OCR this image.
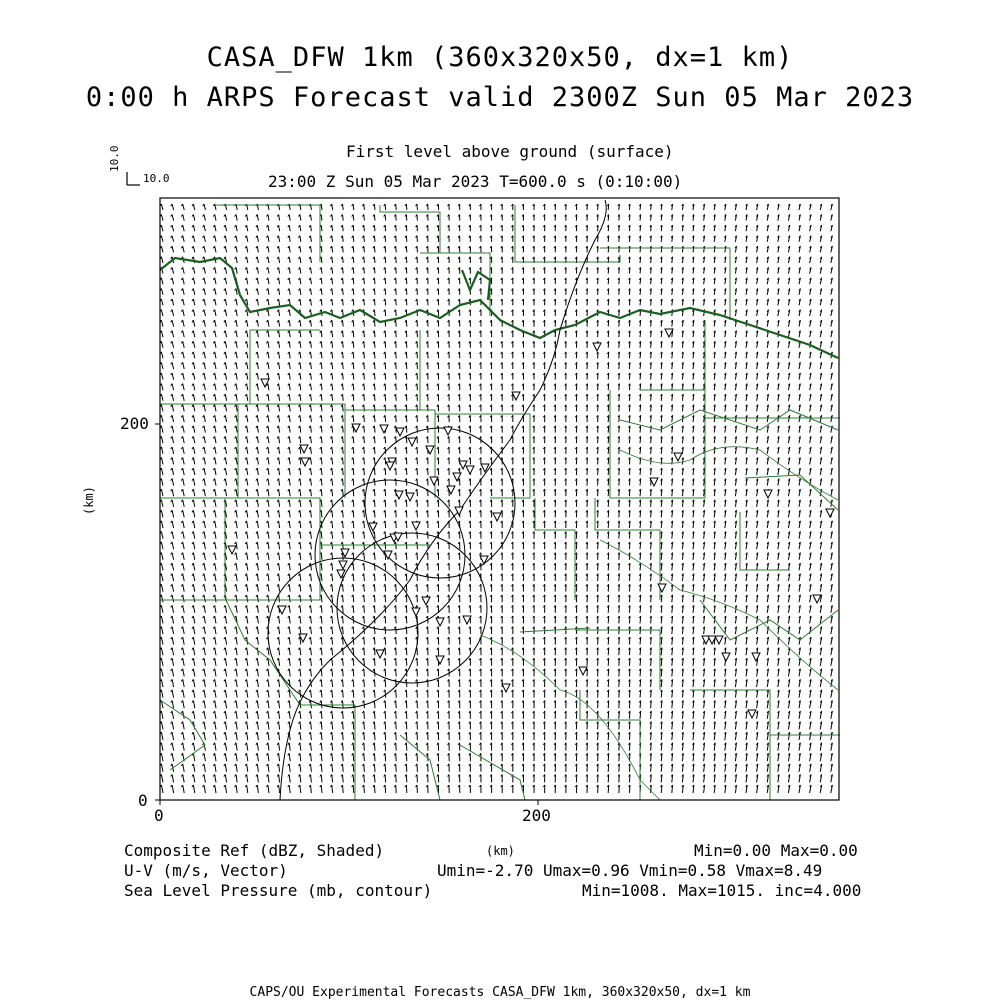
CASA_DFW 1km (360x320x50, dx=1 km)
0:00 h ARPS Forecast valid 2300Z Sun 05 Mar 2023
First level above ground (surface)
23:00 Z Sun 05 Mar 2023 T=600.0 s (0:10:00)
10.0
10.0
(km)
(km)
0	200
0
200
Composite Ref (dBZ, Shaded)	Min=0.00 Max=0.00
U-V (m/s, Vector)	Umin=-2.70 Umax=0.96 Vmin=0.58 Vmax=8.49
Sea Level Pressure (mb, contour)	Min=1008. Max=1015. inc=4.000
CAPS/OU Experimental Forecasts CASA_DFW 1km, 360x320x50, dx=1 km
